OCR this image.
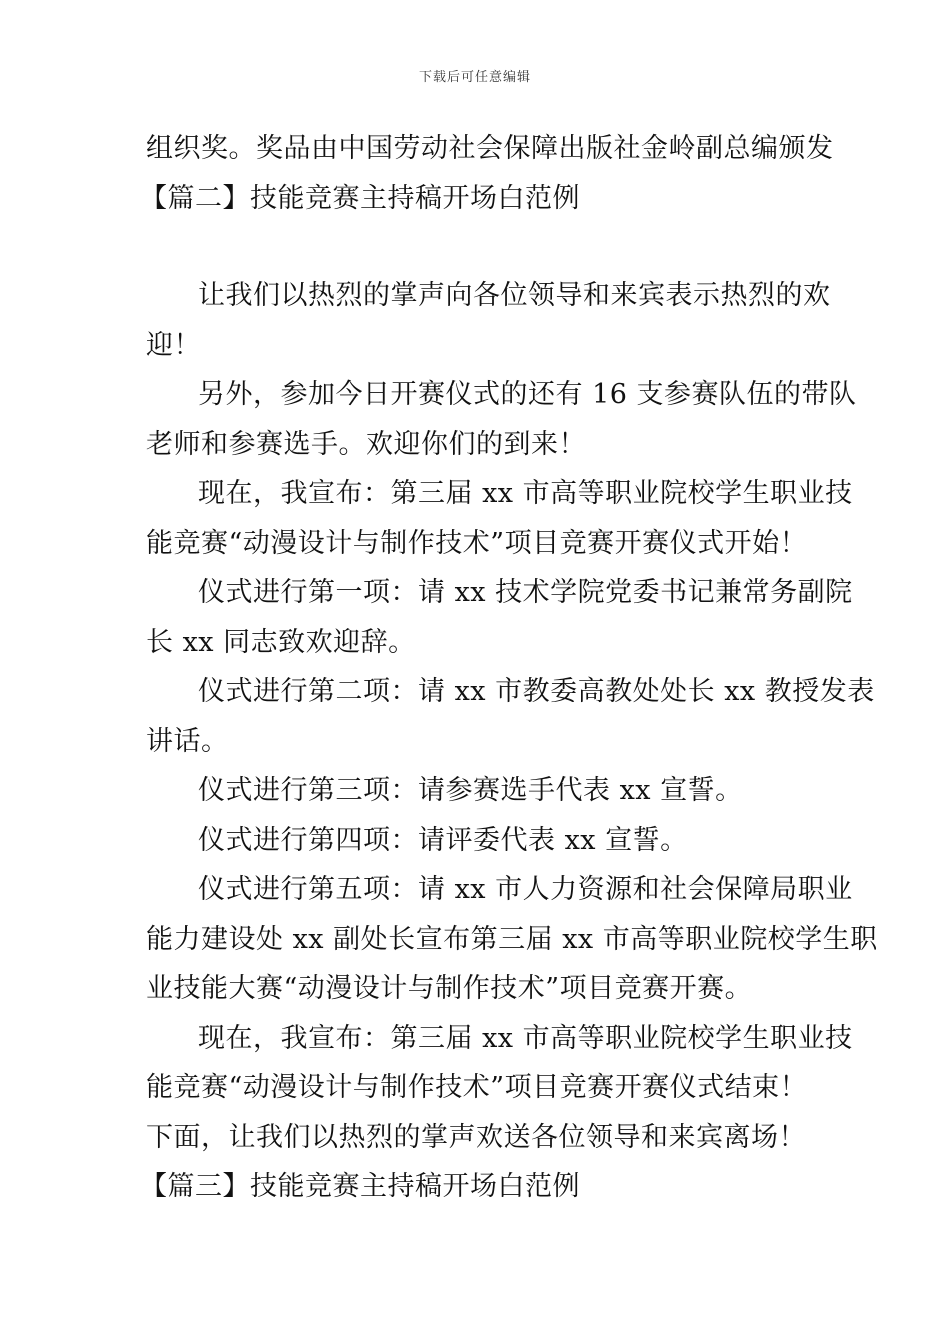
下载后可任意编辑
组织奖。奖品由中国劳动社会保障出版社金岭副总编颁发
【篇二】技能竞赛主持稿开场白范例
让我们以热烈的掌声向各位领导和来宾表示热烈的欢
迎！
另外，参加今日开赛仪式的还有 16 支参赛队伍的带队
老师和参赛选手。欢迎你们的到来！
现在，我宣布：第三届 xx 市高等职业院校学生职业技
能竞赛“动漫设计与制作技术”项目竞赛开赛仪式开始！
仪式进行第一项：请 xx 技术学院党委书记兼常务副院
长 xx 同志致欢迎辞。
仪式进行第二项：请 xx 市教委高教处处长 xx 教授发表
讲话。
仪式进行第三项：请参赛选手代表 xx 宣誓。
仪式进行第四项：请评委代表 xx 宣誓。
仪式进行第五项：请 xx 市人力资源和社会保障局职业
能力建设处 xx 副处长宣布第三届 xx 市高等职业院校学生职
业技能大赛“动漫设计与制作技术”项目竞赛开赛。
现在，我宣布：第三届 xx 市高等职业院校学生职业技
能竞赛“动漫设计与制作技术”项目竞赛开赛仪式结束！
下面，让我们以热烈的掌声欢送各位领导和来宾离场！
【篇三】技能竞赛主持稿开场白范例
